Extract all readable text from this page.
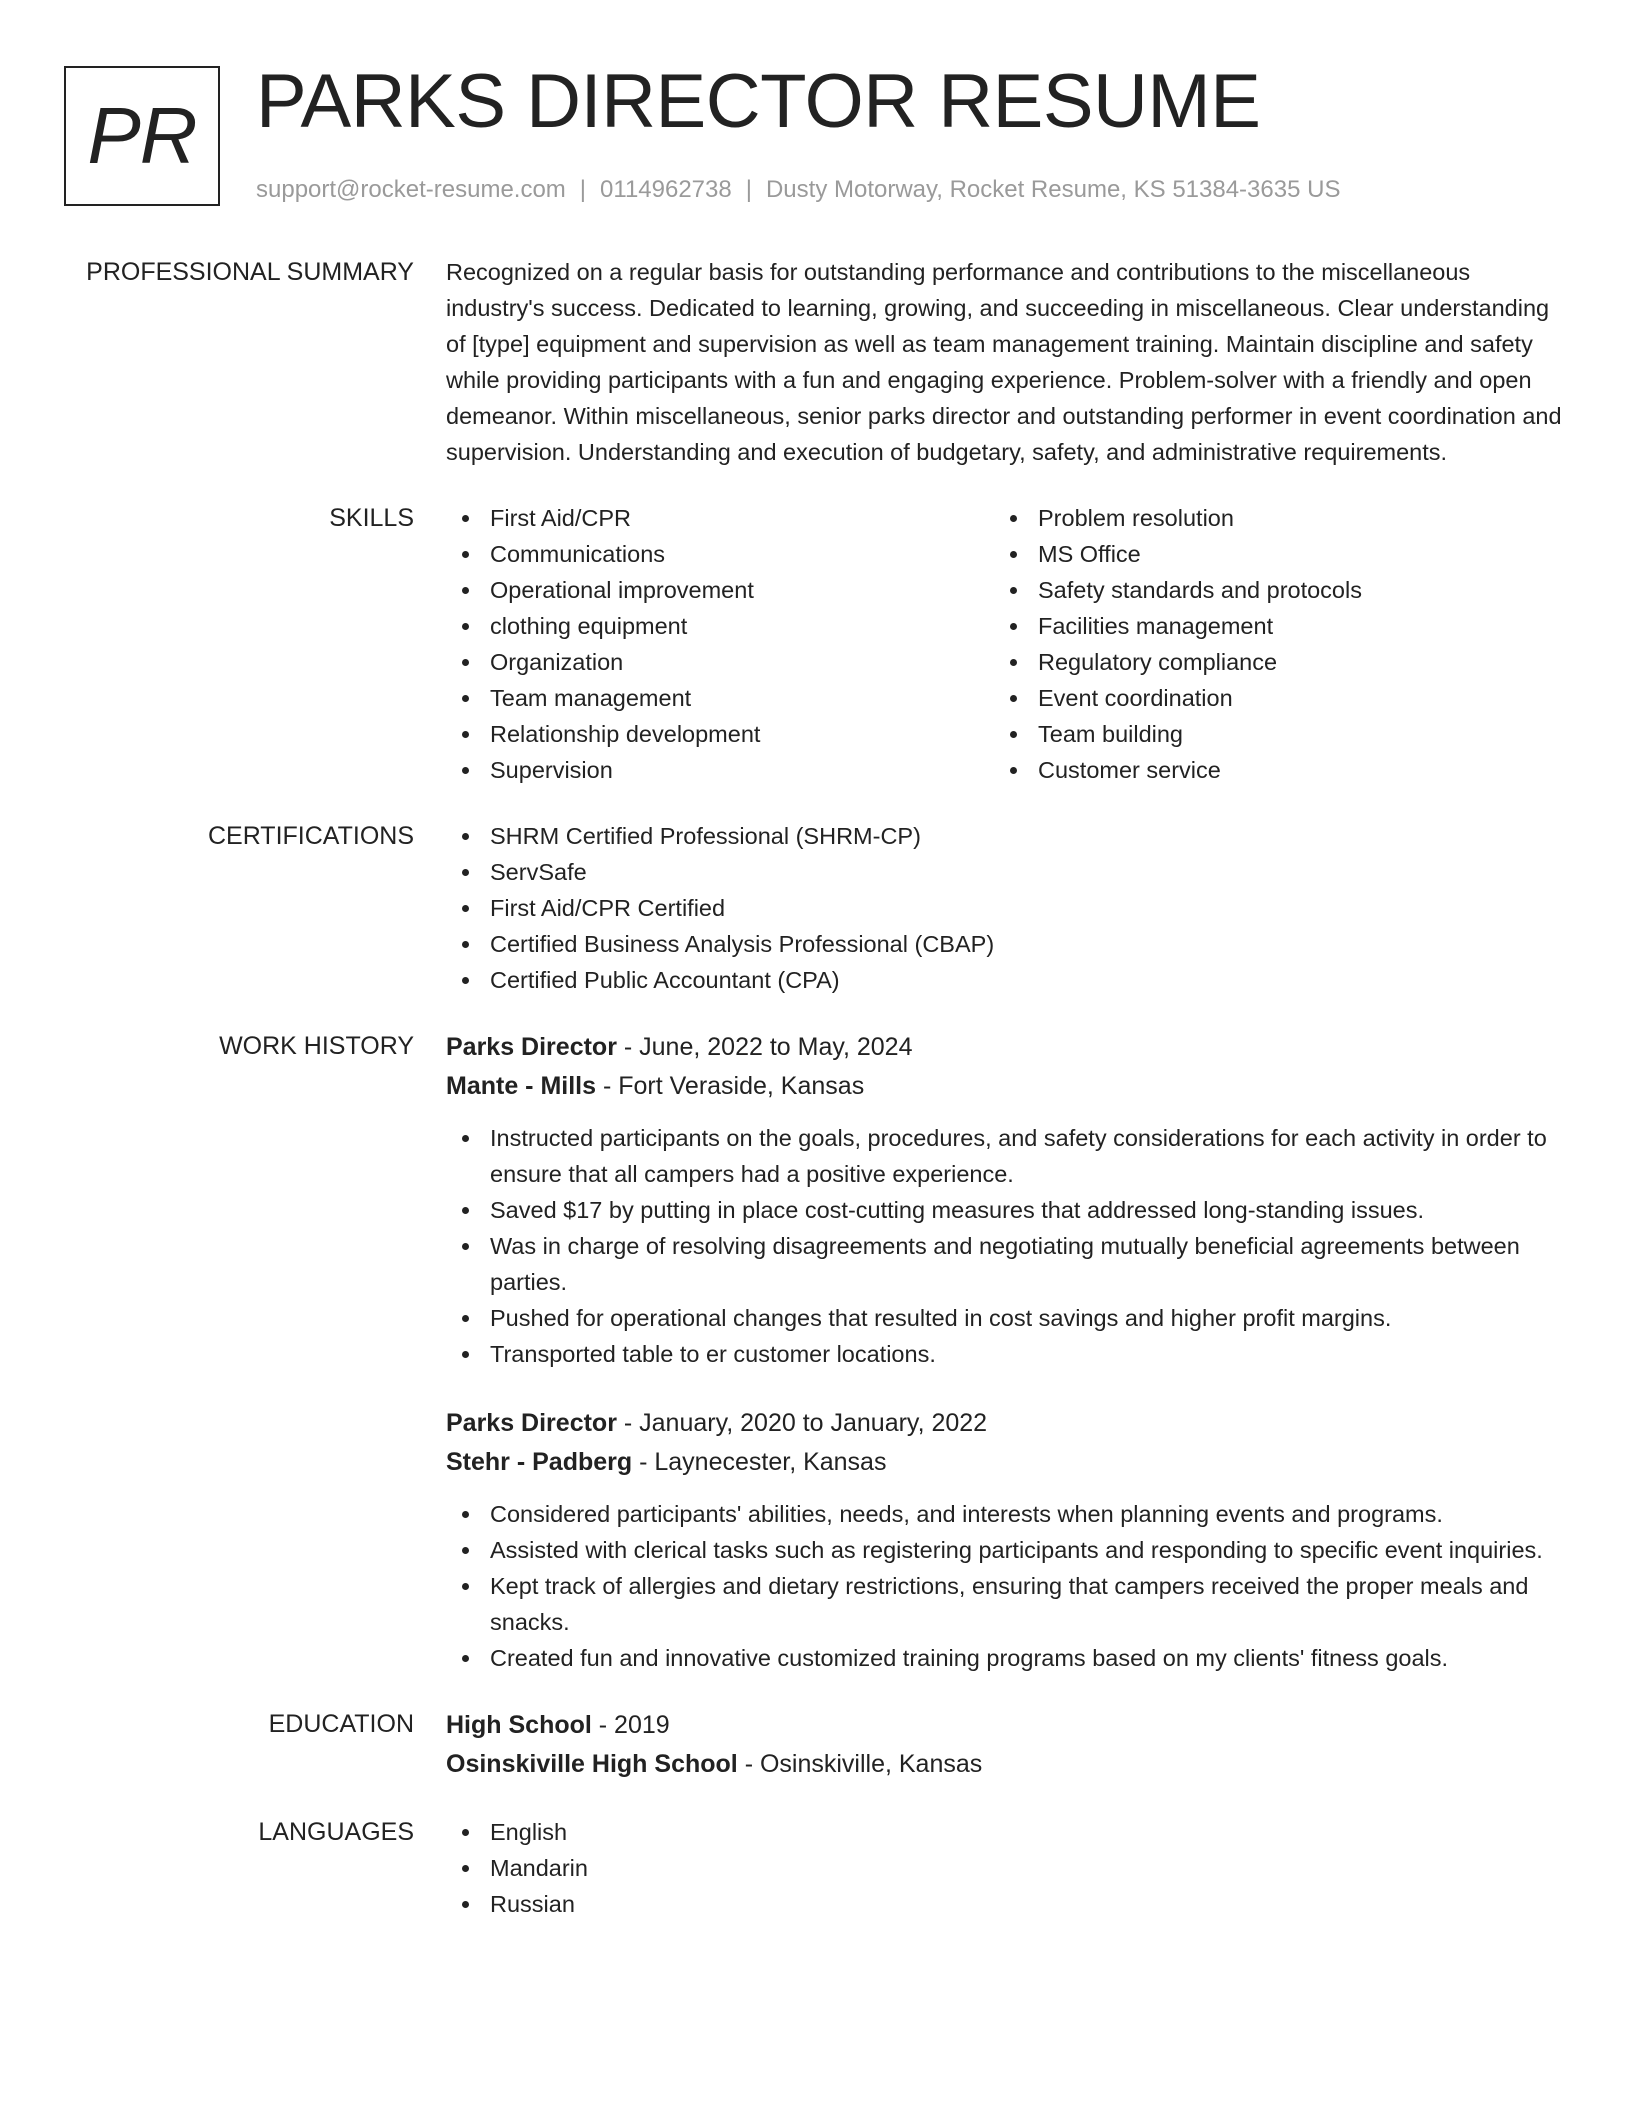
PR PARKS DIRECTOR RESUME
support@rocket-resume.com | 0114962738 | Dusty Motorway, Rocket Resume, KS 51384-3635 US
PROFESSIONAL SUMMARY Recognized on a regular basis for outstanding performance and contributions to the miscellaneous industry's success. Dedicated to learning, growing, and succeeding in miscellaneous. Clear understanding of [type] equipment and supervision as well as team management training. Maintain discipline and safety while providing participants with a fun and engaging experience. Problem-solver with a friendly and open demeanor. Within miscellaneous, senior parks director and outstanding performer in event coordination and supervision. Understanding and execution of budgetary, safety, and administrative requirements.

SKILLS	First Aid/CPR
Communications
Operational improvement
clothing equipment
Organization
Team management
Relationship development
Supervision
Problem resolution
MS Office
Safety standards and protocols
Facilities management
Regulatory compliance
Event coordination
Team building
Customer service
CERTIFICATIONS	SHRM Certified Professional (SHRM-CP)
ServSafe
First Aid/CPR Certified
Certified Business Analysis Professional (CBAP)
Certified Public Accountant (CPA)
WORK HISTORY Parks Director - June, 2022 to May, 2024
Mante - Mills - Fort Veraside, Kansas
Instructed participants on the goals, procedures, and safety considerations for each activity in order to ensure that all campers had a positive experience.
Saved $17 by putting in place cost-cutting measures that addressed long-standing issues.
Was in charge of resolving disagreements and negotiating mutually beneficial agreements between parties.
Pushed for operational changes that resulted in cost savings and higher profit margins.
Transported table to er customer locations.
Parks Director - January, 2020 to January, 2022
Stehr - Padberg - Laynecester, Kansas
Considered participants' abilities, needs, and interests when planning events and programs.
Assisted with clerical tasks such as registering participants and responding to specific event inquiries.
Kept track of allergies and dietary restrictions, ensuring that campers received the proper meals and snacks.
Created fun and innovative customized training programs based on my clients' fitness goals.
EDUCATION High School - 2019
Osinskiville High School - Osinskiville, Kansas
LANGUAGES	English
Mandarin
Russian
